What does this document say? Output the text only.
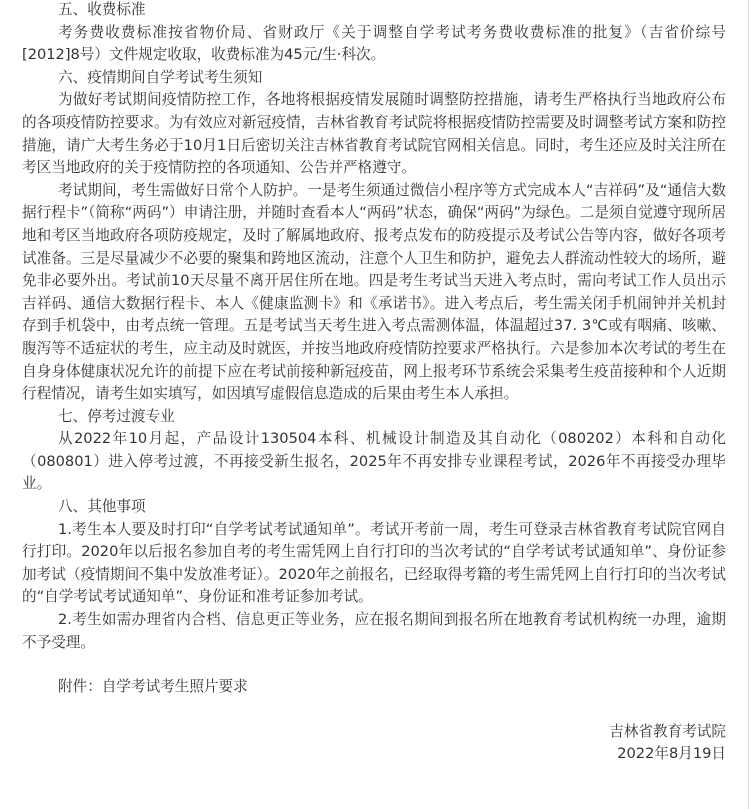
五、收费标准

考务费收费标准按省物价局、省财政厅《关于调整自学考试考务费收费标准的批复》（吉省价综号[2012]8号）文件规定收取，收费标准为45元/生·科次。

六、疫情期间自学考试考生须知

为做好考试期间疫情防控工作，各地将根据疫情发展随时调整防控措施，请考生严格执行当地政府公布的各项疫情防控要求。为有效应对新冠疫情，吉林省教育考试院将根据疫情防控需要及时调整考试方案和防控措施，请广大考生务必于10月1日后密切关注吉林省教育考试院官网相关信息。同时，考生还应及时关注所在考区当地政府的关于疫情防控的各项通知、公告并严格遵守。

考试期间，考生需做好日常个人防护。一是考生须通过微信小程序等方式完成本人“吉祥码”及“通信大数据行程卡”（简称“两码”）申请注册，并随时查看本人“两码”状态，确保“两码”为绿色。二是须自觉遵守现所居地和考区当地政府各项防疫规定，及时了解属地政府、报考点发布的防疫提示及考试公告等内容，做好各项考试准备。三是尽量减少不必要的聚集和跨地区流动，注意个人卫生和防护，避免去人群流动性较大的场所，避免非必要外出。考试前10天尽量不离开居住所在地。四是考生考试当天进入考点时，需向考试工作人员出示吉祥码、通信大数据行程卡、本人《健康监测卡》和《承诺书》。进入考点后，考生需关闭手机闹钟并关机封存到手机袋中，由考点统一管理。五是考试当天考生进入考点需测体温，体温超过37. 3℃或有咽痛、咳嗽、腹泻等不适症状的考生，应主动及时就医，并按当地政府疫情防控要求严格执行。六是参加本次考试的考生在自身身体健康状况允许的前提下应在考试前接种新冠疫苗，网上报考环节系统会采集考生疫苗接种和个人近期行程情况，请考生如实填写，如因填写虚假信息造成的后果由考生本人承担。

七、停考过渡专业

从2022年10月起，产品设计130504本科、机械设计制造及其自动化（080202）本科和自动化（080801）进入停考过渡，不再接受新生报名，2025年不再安排专业课程考试，2026年不再接受办理毕业。

八、其他事项

1.考生本人要及时打印“自学考试考试通知单”。考试开考前一周，考生可登录吉林省教育考试院官网自行打印。2020年以后报名参加自考的考生需凭网上自行打印的当次考试的“自学考试考试通知单”、身份证参加考试（疫情期间不集中发放准考证）。2020年之前报名，已经取得考籍的考生需凭网上自行打印的当次考试的“自学考试考试通知单”、身份证和准考证参加考试。

2.考生如需办理省内合档、信息更正等业务，应在报名期间到报名所在地教育考试机构统一办理，逾期不予受理。

附件：自学考试考生照片要求

吉林省教育考试院

2022年8月19日
